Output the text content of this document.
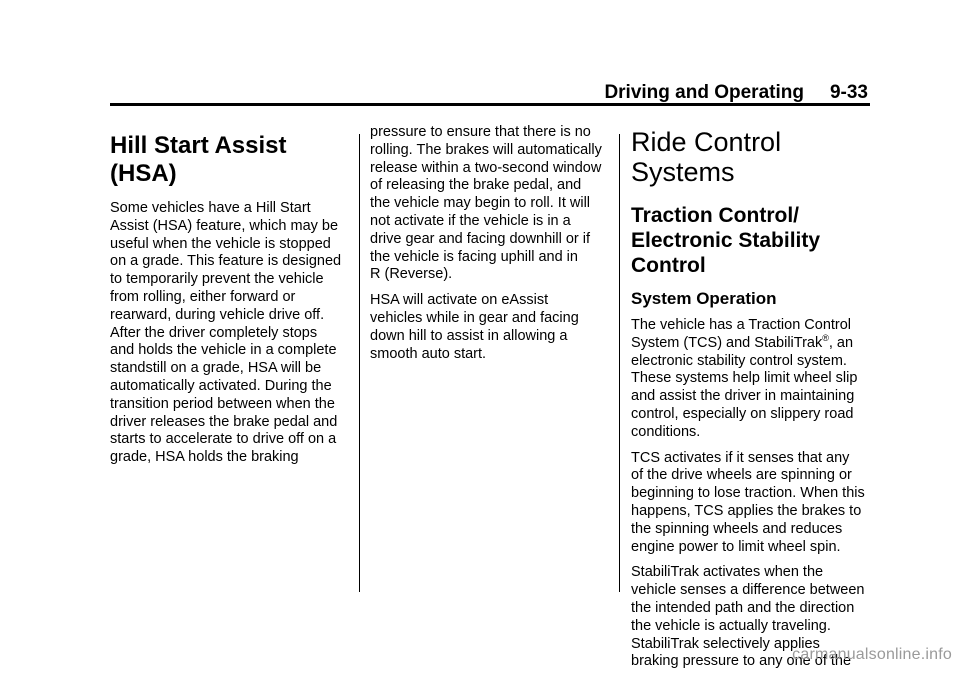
Driving and Operating 9-33
Hill Start Assist (HSA)

Some vehicles have a Hill Start
Assist (HSA) feature, which may be
useful when the vehicle is stopped
on a grade. This feature is designed
to temporarily prevent the vehicle
from rolling, either forward or
rearward, during vehicle drive off.
After the driver completely stops
and holds the vehicle in a complete
standstill on a grade, HSA will be
automatically activated. During the
transition period between when the
driver releases the brake pedal and
starts to accelerate to drive off on a
grade, HSA holds the braking

pressure to ensure that there is no
rolling. The brakes will automatically
release within a two-second window
of releasing the brake pedal, and
the vehicle may begin to roll. It will
not activate if the vehicle is in a
drive gear and facing downhill or if
the vehicle is facing uphill and in
R (Reverse).

HSA will activate on eAssist
vehicles while in gear and facing
down hill to assist in allowing a
smooth auto start.

Ride Control Systems
Traction Control/
Electronic Stability
Control
System Operation

The vehicle has a Traction Control
System (TCS) and StabiliTrak®, an
electronic stability control system.
These systems help limit wheel slip
and assist the driver in maintaining
control, especially on slippery road
conditions.

TCS activates if it senses that any
of the drive wheels are spinning or
beginning to lose traction. When this
happens, TCS applies the brakes to
the spinning wheels and reduces
engine power to limit wheel spin.

StabiliTrak activates when the
vehicle senses a difference between
the intended path and the direction
the vehicle is actually traveling.
StabiliTrak selectively applies
braking pressure to any one of the

carmanualsonline.info
